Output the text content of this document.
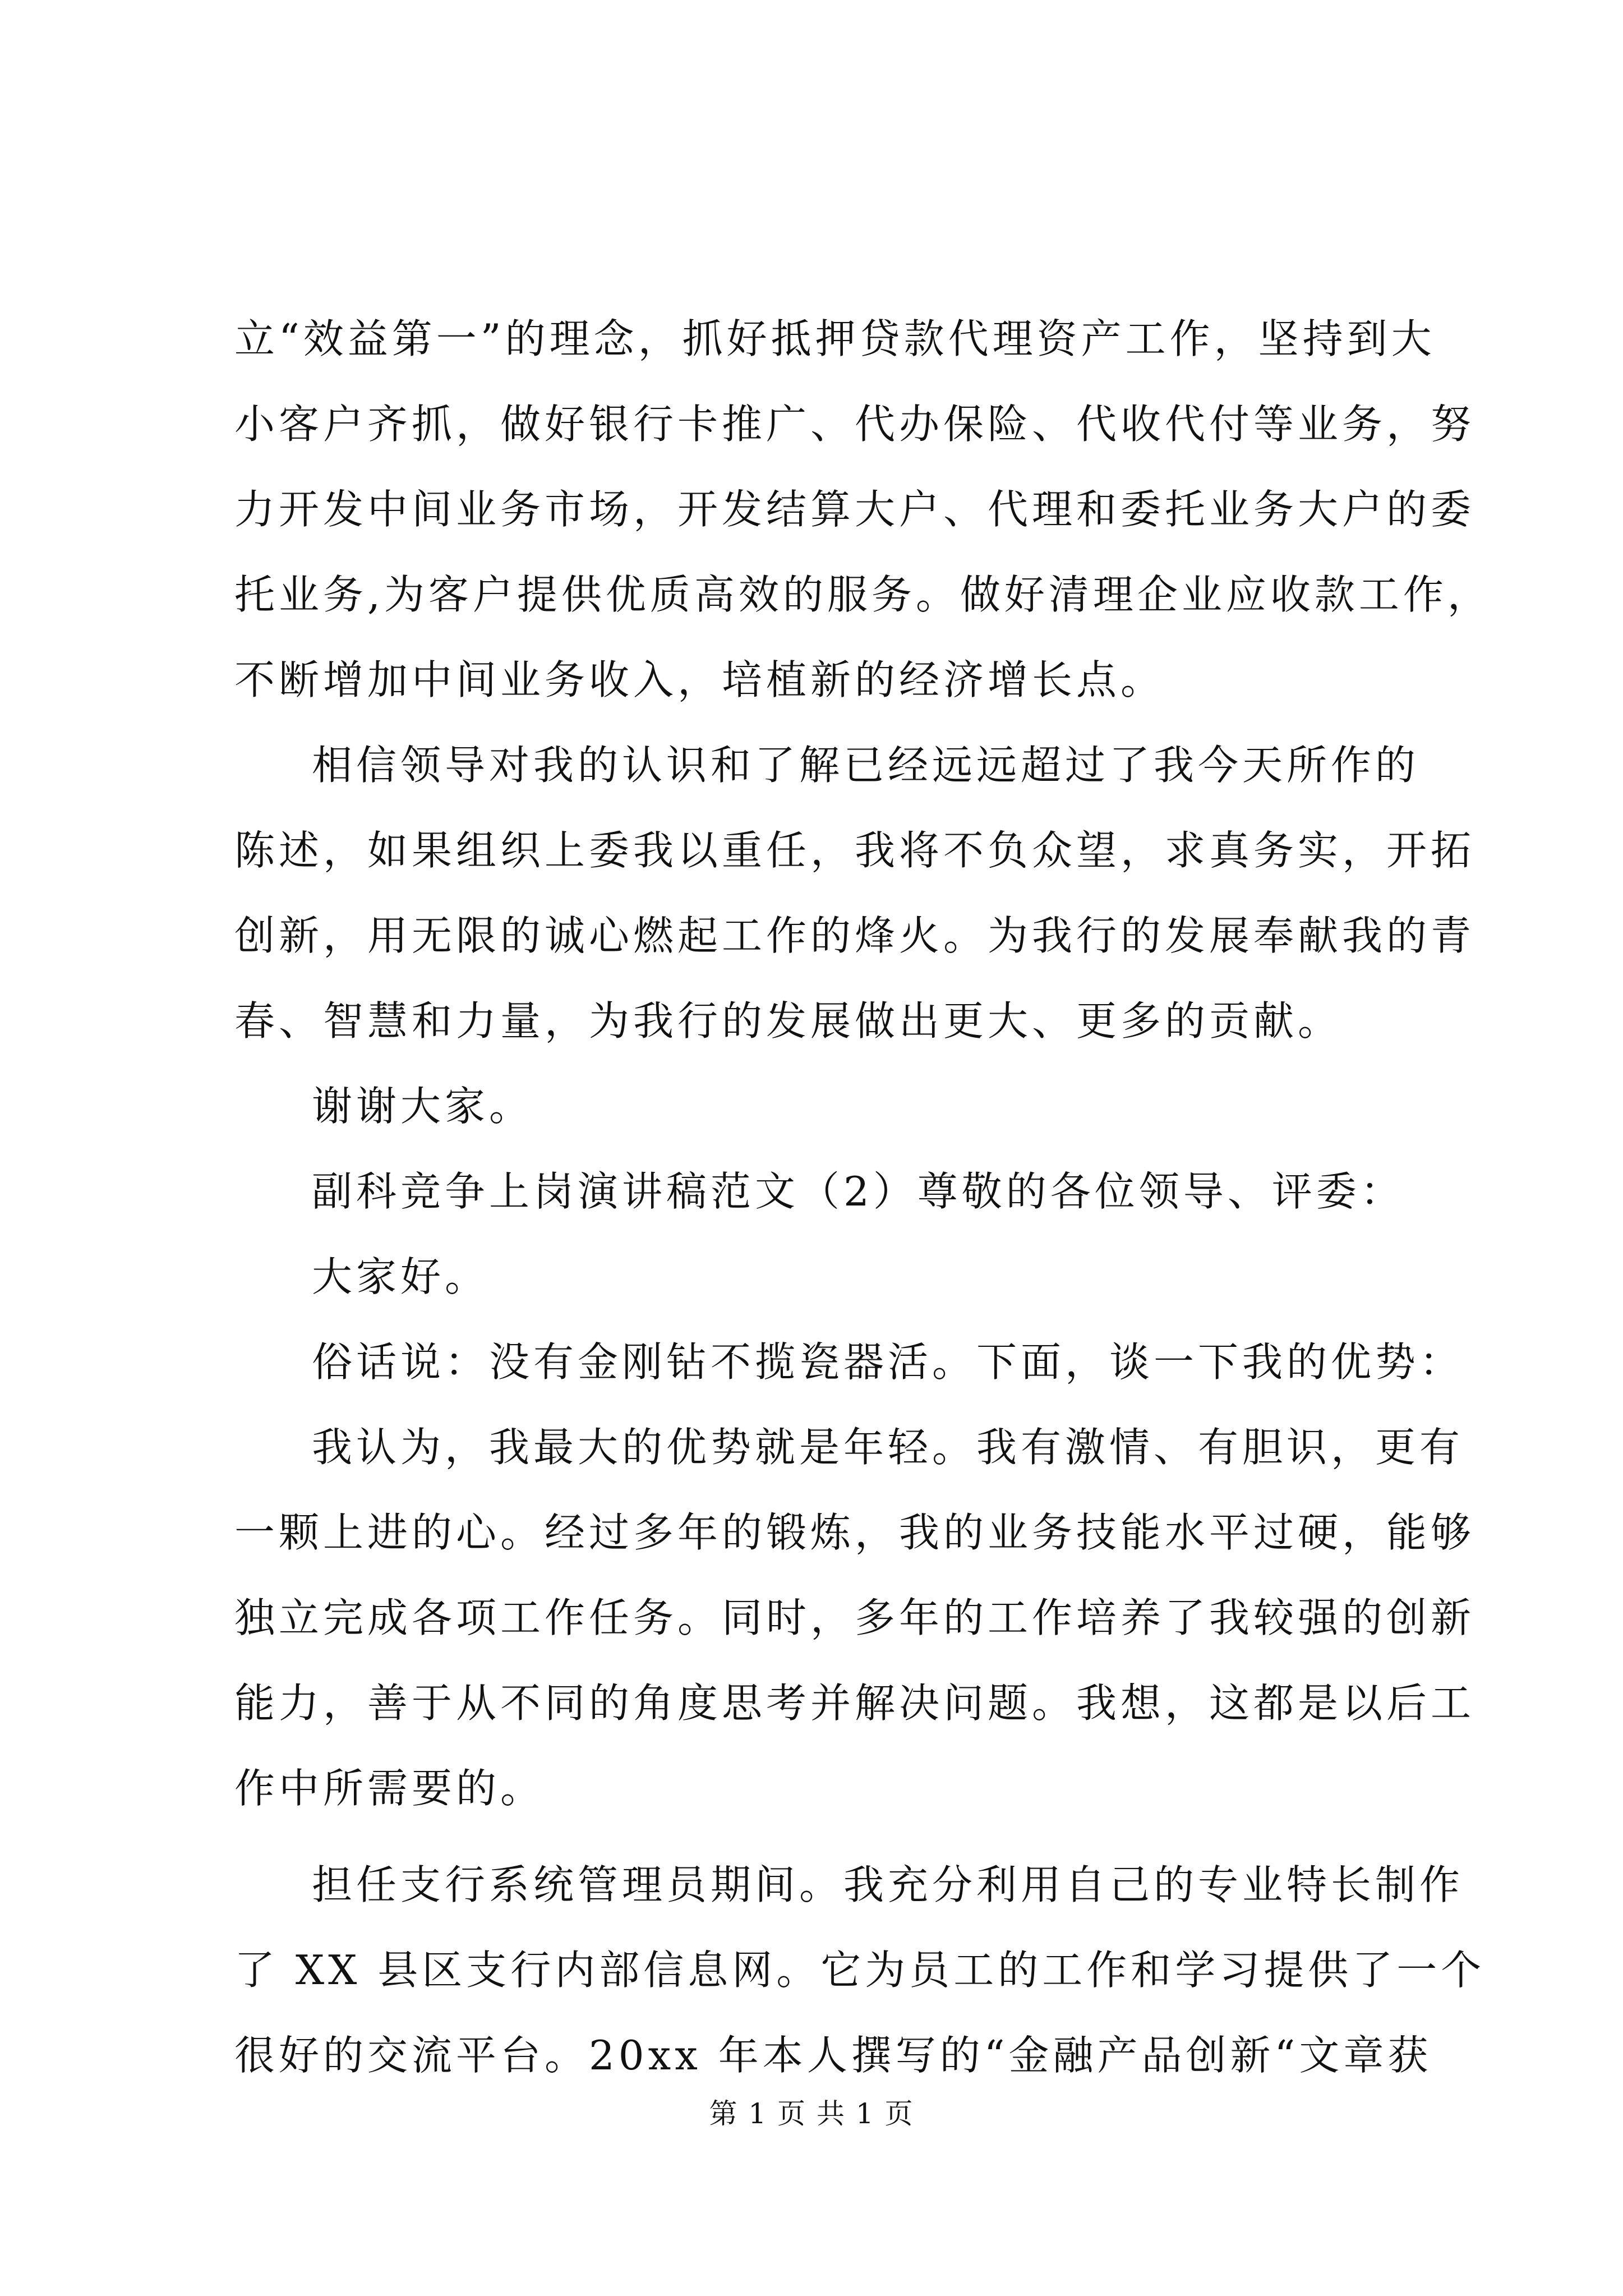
立“效益第一”的理念，抓好抵押贷款代理资产工作，坚持到大
小客户齐抓，做好银行卡推广、代办保险、代收代付等业务，努
力开发中间业务市场，开发结算大户、代理和委托业务大户的委
托业务,为客户提供优质高效的服务。做好清理企业应收款工作，
不断增加中间业务收入，培植新的经济增长点。
相信领导对我的认识和了解已经远远超过了我今天所作的
陈述，如果组织上委我以重任，我将不负众望，求真务实，开拓
创新，用无限的诚心燃起工作的烽火。为我行的发展奉献我的青
春、智慧和力量，为我行的发展做出更大、更多的贡献。
谢谢大家。
副科竞争上岗演讲稿范文（2）尊敬的各位领导、评委：
大家好。
俗话说：没有金刚钻不揽瓷器活。下面，谈一下我的优势：
我认为，我最大的优势就是年轻。我有激情、有胆识，更有
一颗上进的心。经过多年的锻炼，我的业务技能水平过硬，能够
独立完成各项工作任务。同时，多年的工作培养了我较强的创新
能力，善于从不同的角度思考并解决问题。我想，这都是以后工
作中所需要的。
担任支行系统管理员期间。我充分利用自己的专业特长制作
了 XX 县区支行内部信息网。它为员工的工作和学习提供了一个
很好的交流平台。20xx 年本人撰写的“金融产品创新“文章获
第 1 页 共 1 页
